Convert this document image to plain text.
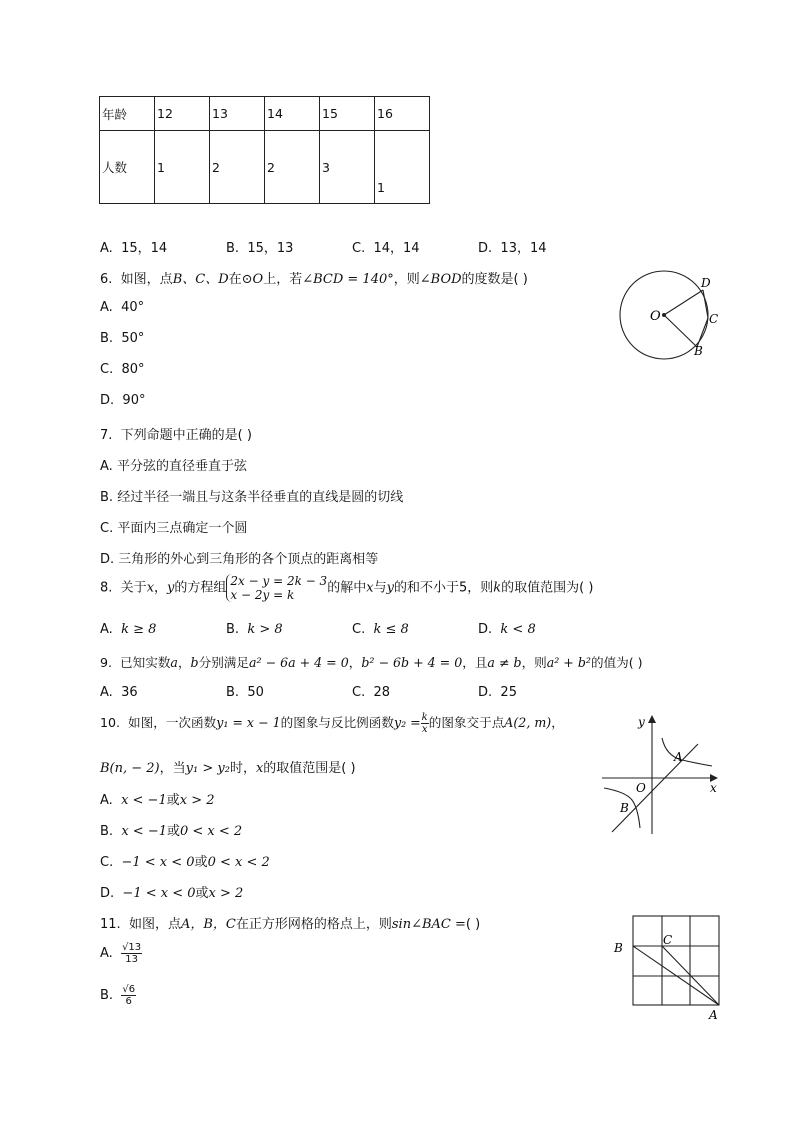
年龄	12	13	14	15	16
人数	1	2	2	3	1
A. 15，14	B. 15，13	C. 14，14	D. 13，14
6. 如图，点B、C、D在⊙O上，若∠BCD = 140°，则∠BOD的度数是( )
A. 40°
B. 50°
C. 80°
D. 90°
O
D
C
B
7. 下列命题中正确的是( )
A. 平分弦的直径垂直于弦
B. 经过半径一端且与这条半径垂直的直线是圆的切线
C. 平面内三点确定一个圆
D. 三角形的外心到三角形的各个顶点的距离相等
8. 关于x，y的方程组 2x − y = 2k − 3
x − 2y = k	的解中x与y的和不小于5，则k的取值范围为( )
A. k ≥ 8	B. k > 8	C. k ≤ 8	D. k < 8
9. 已知实数a，b分别满足a² − 6a + 4 = 0，b² − 6b + 4 = 0，且a ≠ b，则a² + b²的值为( )
A. 36	B. 50	C. 28	D. 25
10. 如图，一次函数y₁ = x − 1的图象与反比例函数$y_2 = \frac{k}{x}$ 的图象交于点A(2, m)，
B(n, − 2)，当y₁ > y₂时，x的取值范围是( )
A. x < −1或x > 2
B. x < −1或0 < x < 2
C. −1 < x < 0或0 < x < 2
D. −1 < x < 0或x > 2
y
x
O
A
B
11. 如图，点A，B，C在正方形网格的格点上，则sin∠BAC =( )
A. $\frac{√13}{13}$
B. $\frac{√6}{6}$
B
C
A
